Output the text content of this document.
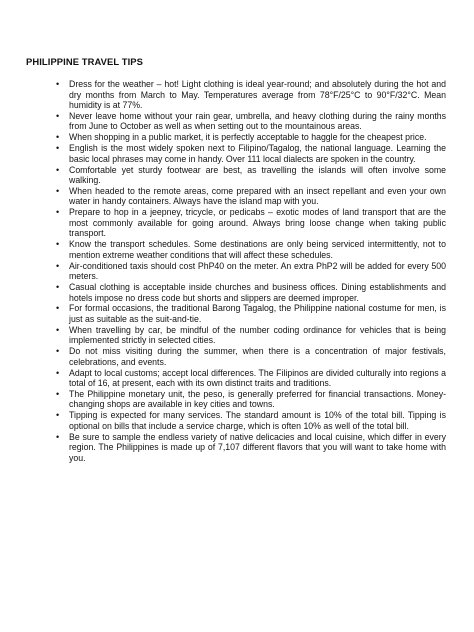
PHILIPPINE TRAVEL TIPS
• Dress for the weather – hot! Light clothing is ideal year-round; and absolutely during the hot and dry months from March to May. Temperatures average from 78°F/25°C to 90°F/32°C. Mean humidity is at 77%.
• Never leave home without your rain gear, umbrella, and heavy clothing during the rainy months from June to October as well as when setting out to the mountainous areas.
• When shopping in a public market, it is perfectly acceptable to haggle for the cheapest price.
• English is the most widely spoken next to Filipino/Tagalog, the national language. Learning the basic local phrases may come in handy. Over 111 local dialects are spoken in the country.
• Comfortable yet sturdy footwear are best, as travelling the islands will often involve some walking.
• When headed to the remote areas, come prepared with an insect repellant and even your own water in handy containers. Always have the island map with you.
• Prepare to hop in a jeepney, tricycle, or pedicabs – exotic modes of land transport that are the most commonly available for going around. Always bring loose change when taking public transport.
• Know the transport schedules. Some destinations are only being serviced intermittently, not to mention extreme weather conditions that will affect these schedules.
• Air-conditioned taxis should cost PhP40 on the meter. An extra PhP2 will be added for every 500 meters.
• Casual clothing is acceptable inside churches and business offices. Dining establishments and hotels impose no dress code but shorts and slippers are deemed improper.
• For formal occasions, the traditional Barong Tagalog, the Philippine national costume for men, is just as suitable as the suit-and-tie.
• When travelling by car, be mindful of the number coding ordinance for vehicles that is being implemented strictly in selected cities.
• Do not miss visiting during the summer, when there is a concentration of major festivals, celebrations, and events.
• Adapt to local customs; accept local differences. The Filipinos are divided culturally into regions a total of 16, at present, each with its own distinct traits and traditions.
• The Philippine monetary unit, the peso, is generally preferred for financial transactions. Money-changing shops are available in key cities and towns.
• Tipping is expected for many services. The standard amount is 10% of the total bill. Tipping is optional on bills that include a service charge, which is often 10% as well of the total bill.
• Be sure to sample the endless variety of native delicacies and local cuisine, which differ in every region. The Philippines is made up of 7,107 different flavors that you will want to take home with you.
